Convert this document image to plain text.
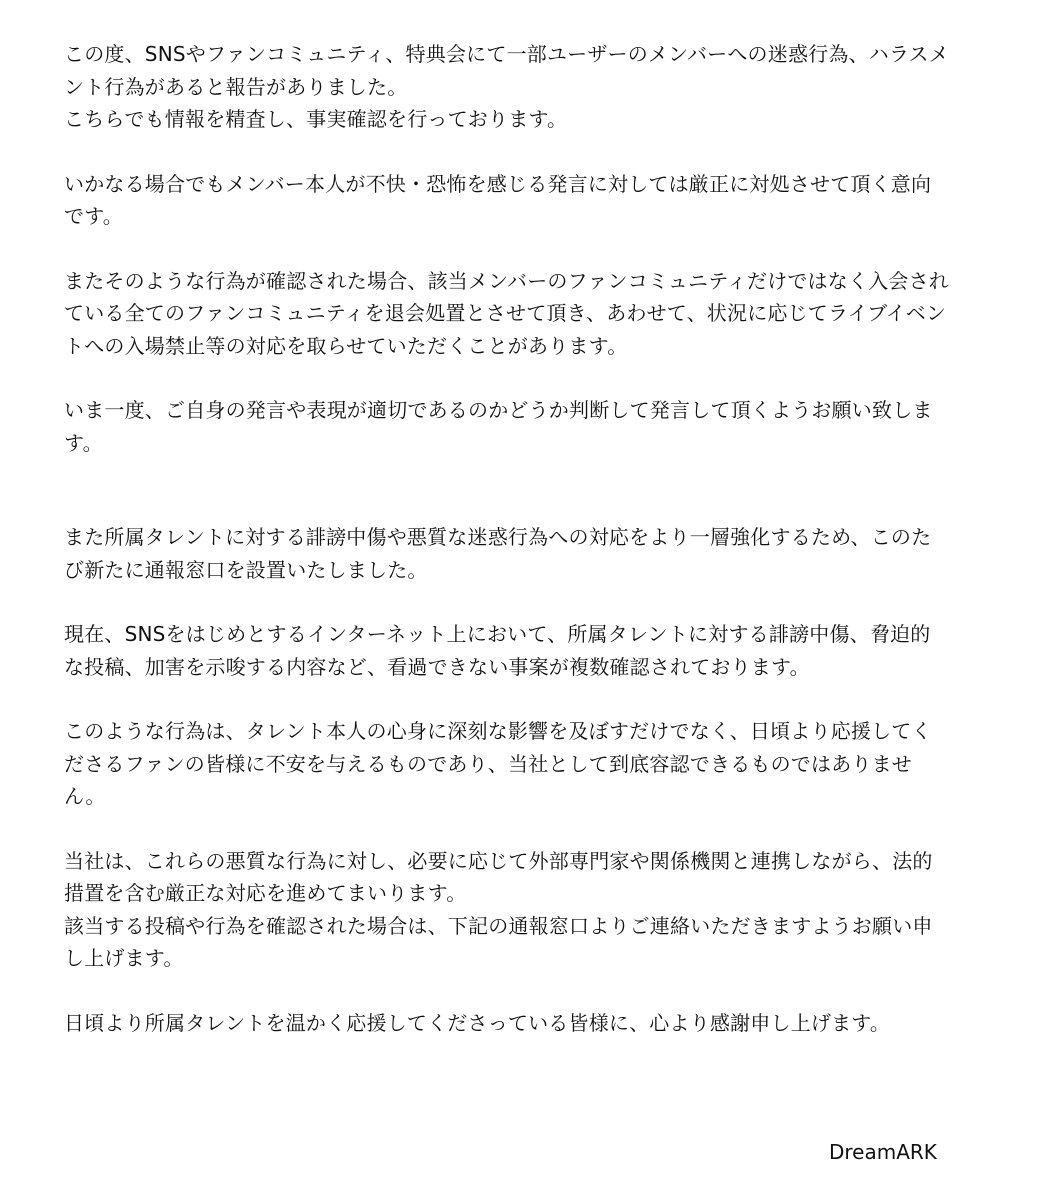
この度、SNSやファンコミュニティ、特典会にて一部ユーザーのメンバーへの迷惑行為、ハラスメ
ント行為があると報告がありました。
こちらでも情報を精査し、事実確認を行っております。

いかなる場合でもメンバー本人が不快・恐怖を感じる発言に対しては厳正に対処させて頂く意向
です。

またそのような行為が確認された場合、該当メンバーのファンコミュニティだけではなく入会され
ている全てのファンコミュニティを退会処置とさせて頂き、あわせて、状況に応じてライブイベン
トへの入場禁止等の対応を取らせていただくことがあります。

いま一度、ご自身の発言や表現が適切であるのかどうか判断して発言して頂くようお願い致しま
す。

また所属タレントに対する誹謗中傷や悪質な迷惑行為への対応をより一層強化するため、このた
び新たに通報窓口を設置いたしました。

現在、SNSをはじめとするインターネット上において、所属タレントに対する誹謗中傷、脅迫的
な投稿、加害を示唆する内容など、看過できない事案が複数確認されております。

このような行為は、タレント本人の心身に深刻な影響を及ぼすだけでなく、日頃より応援してく
ださるファンの皆様に不安を与えるものであり、当社として到底容認できるものではありませ
ん。

当社は、これらの悪質な行為に対し、必要に応じて外部専門家や関係機関と連携しながら、法的
措置を含む厳正な対応を進めてまいります。
該当する投稿や行為を確認された場合は、下記の通報窓口よりご連絡いただきますようお願い申
し上げます。

日頃より所属タレントを温かく応援してくださっている皆様に、心より感謝申し上げます。

DreamARK
